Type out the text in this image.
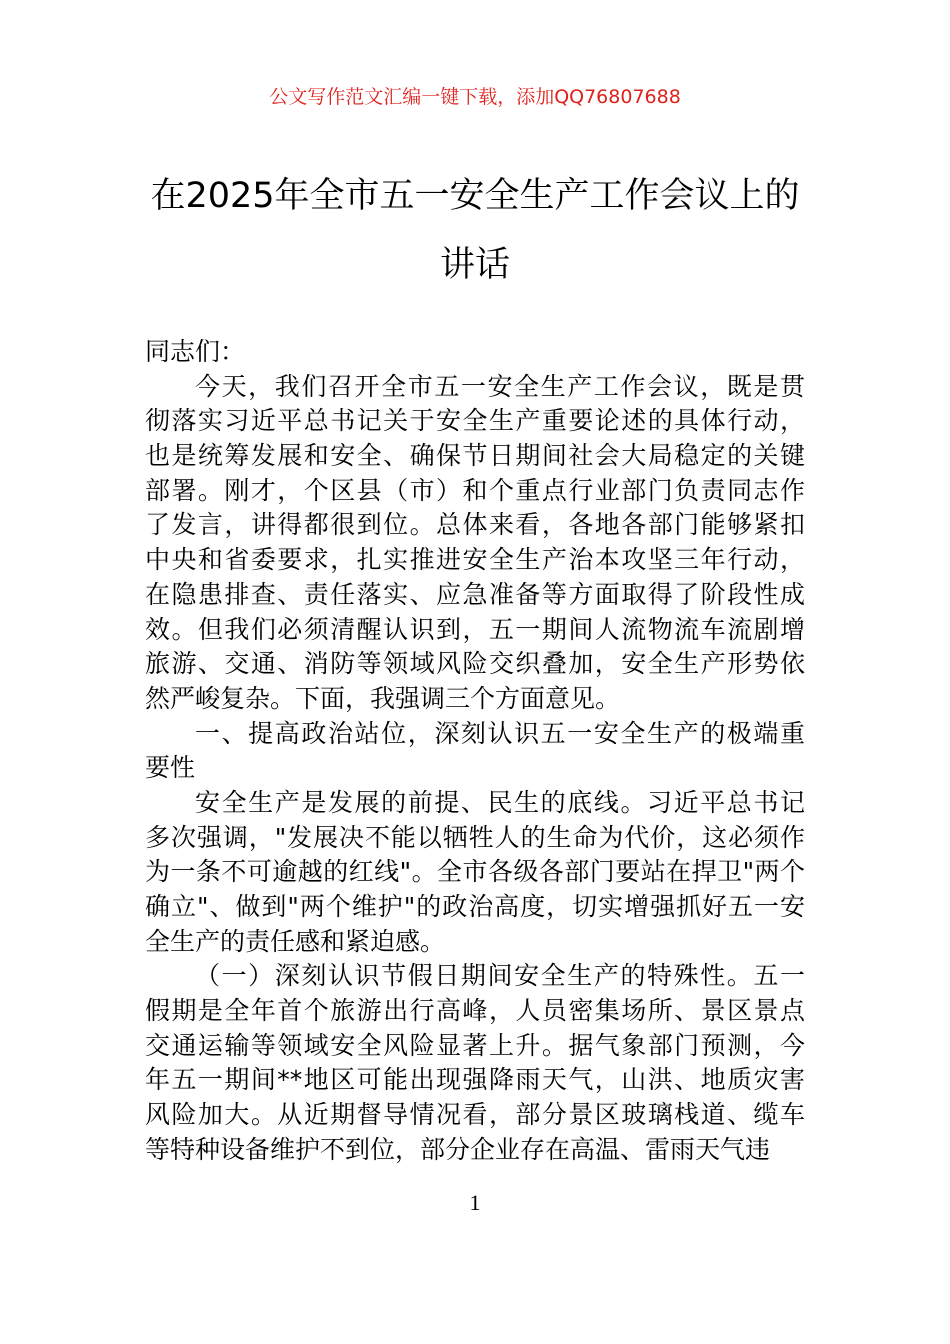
公文写作范文汇编一键下载，添加QQ76807688
在2025年全市五一安全生产工作会议上的
讲话
同志们：
今天，我们召开全市五一安全生产工作会议，既是贯
彻落实习近平总书记关于安全生产重要论述的具体行动，
也是统筹发展和安全、确保节日期间社会大局稳定的关键
部署。刚才，个区县（市）和个重点行业部门负责同志作
了发言，讲得都很到位。总体来看，各地各部门能够紧扣
中央和省委要求，扎实推进安全生产治本攻坚三年行动，
在隐患排查、责任落实、应急准备等方面取得了阶段性成
效。但我们必须清醒认识到，五一期间人流物流车流剧增
旅游、交通、消防等领域风险交织叠加，安全生产形势依
然严峻复杂。下面，我强调三个方面意见。
一、提高政治站位，深刻认识五一安全生产的极端重
要性
安全生产是发展的前提、民生的底线。习近平总书记
多次强调，"发展决不能以牺牲人的生命为代价，这必须作
为一条不可逾越的红线"。全市各级各部门要站在捍卫"两个
确立"、做到"两个维护"的政治高度，切实增强抓好五一安
全生产的责任感和紧迫感。
（一）深刻认识节假日期间安全生产的特殊性。五一
假期是全年首个旅游出行高峰，人员密集场所、景区景点
交通运输等领域安全风险显著上升。据气象部门预测，今
年五一期间**地区可能出现强降雨天气，山洪、地质灾害
风险加大。从近期督导情况看，部分景区玻璃栈道、缆车
等特种设备维护不到位，部分企业存在高温、雷雨天气违
1
